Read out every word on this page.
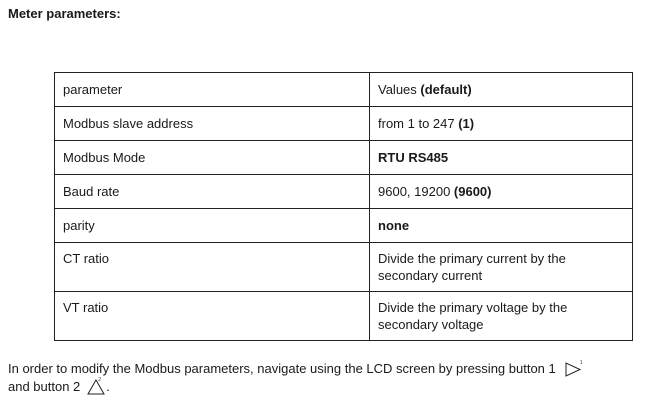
Meter parameters:
parameter	Values (default)
Modbus slave address	from 1 to 247 (1)
Modbus Mode	RTU RS485
Baud rate	9600, 19200 (9600)
parity	none
CT ratio	Divide the primary current by the
secondary current

VT ratio	Divide the primary voltage by the
secondary voltage
In order to modify the Modbus parameters, navigate using the LCD screen by pressing button 1	1
and button 2	2 .
